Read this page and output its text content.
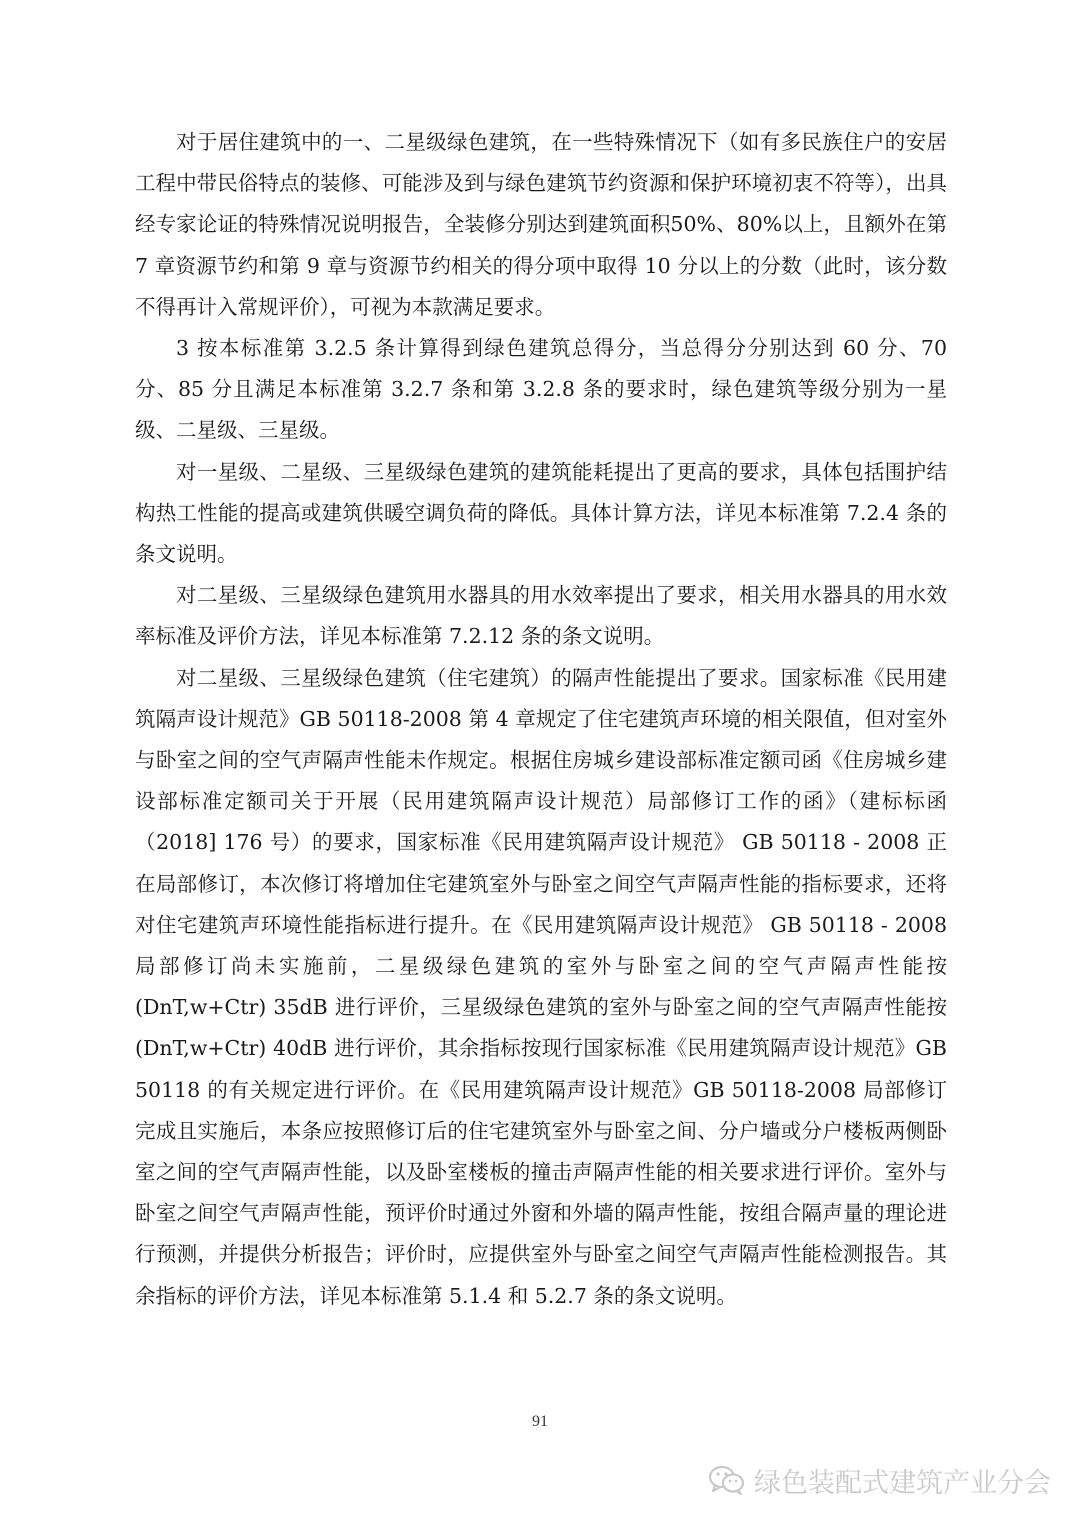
对于居住建筑中的一、二星级绿色建筑，在一些特殊情况下（如有多民族住户的安居工程中带民俗特点的装修、可能涉及到与绿色建筑节约资源和保护环境初衷不符等），出具经专家论证的特殊情况说明报告，全装修分别达到建筑面积50%、80%以上，且额外在第 7 章资源节约和第 9 章与资源节约相关的得分项中取得 10 分以上的分数（此时，该分数不得再计入常规评价），可视为本款满足要求。

3 按本标准第 3.2.5 条计算得到绿色建筑总得分，当总得分分别达到 60 分、70 分、85 分且满足本标准第 3.2.7 条和第 3.2.8 条的要求时，绿色建筑等级分别为一星级、二星级、三星级。

对一星级、二星级、三星级绿色建筑的建筑能耗提出了更高的要求，具体包括围护结构热工性能的提高或建筑供暖空调负荷的降低。具体计算方法，详见本标准第 7.2.4 条的条文说明。

对二星级、三星级绿色建筑用水器具的用水效率提出了要求，相关用水器具的用水效率标准及评价方法，详见本标准第 7.2.12 条的条文说明。

对二星级、三星级绿色建筑（住宅建筑）的隔声性能提出了要求。国家标准《民用建筑隔声设计规范》GB 50118-2008 第 4 章规定了住宅建筑声环境的相关限值，但对室外与卧室之间的空气声隔声性能未作规定。根据住房城乡建设部标准定额司函《住房城乡建设部标准定额司关于开展（民用建筑隔声设计规范）局部修订工作的函》（建标标函（2018] 176 号）的要求，国家标准《民用建筑隔声设计规范》 GB 50118 - 2008 正在局部修订，本次修订将增加住宅建筑室外与卧室之间空气声隔声性能的指标要求，还将对住宅建筑声环境性能指标进行提升。在《民用建筑隔声设计规范》 GB 50118 - 2008 局部修订尚未实施前，二星级绿色建筑的室外与卧室之间的空气声隔声性能按 (DnT,w+Ctr) 35dB 进行评价，三星级绿色建筑的室外与卧室之间的空气声隔声性能按 (DnT,w+Ctr) 40dB 进行评价，其余指标按现行国家标准《民用建筑隔声设计规范》GB 50118 的有关规定进行评价。在《民用建筑隔声设计规范》GB 50118-2008 局部修订完成且实施后，本条应按照修订后的住宅建筑室外与卧室之间、分户墙或分户楼板两侧卧室之间的空气声隔声性能，以及卧室楼板的撞击声隔声性能的相关要求进行评价。室外与卧室之间空气声隔声性能，预评价时通过外窗和外墙的隔声性能，按组合隔声量的理论进行预测，并提供分析报告；评价时，应提供室外与卧室之间空气声隔声性能检测报告。其余指标的评价方法，详见本标准第 5.1.4 和 5.2.7 条的条文说明。

91
绿色装配式建筑产业分会
